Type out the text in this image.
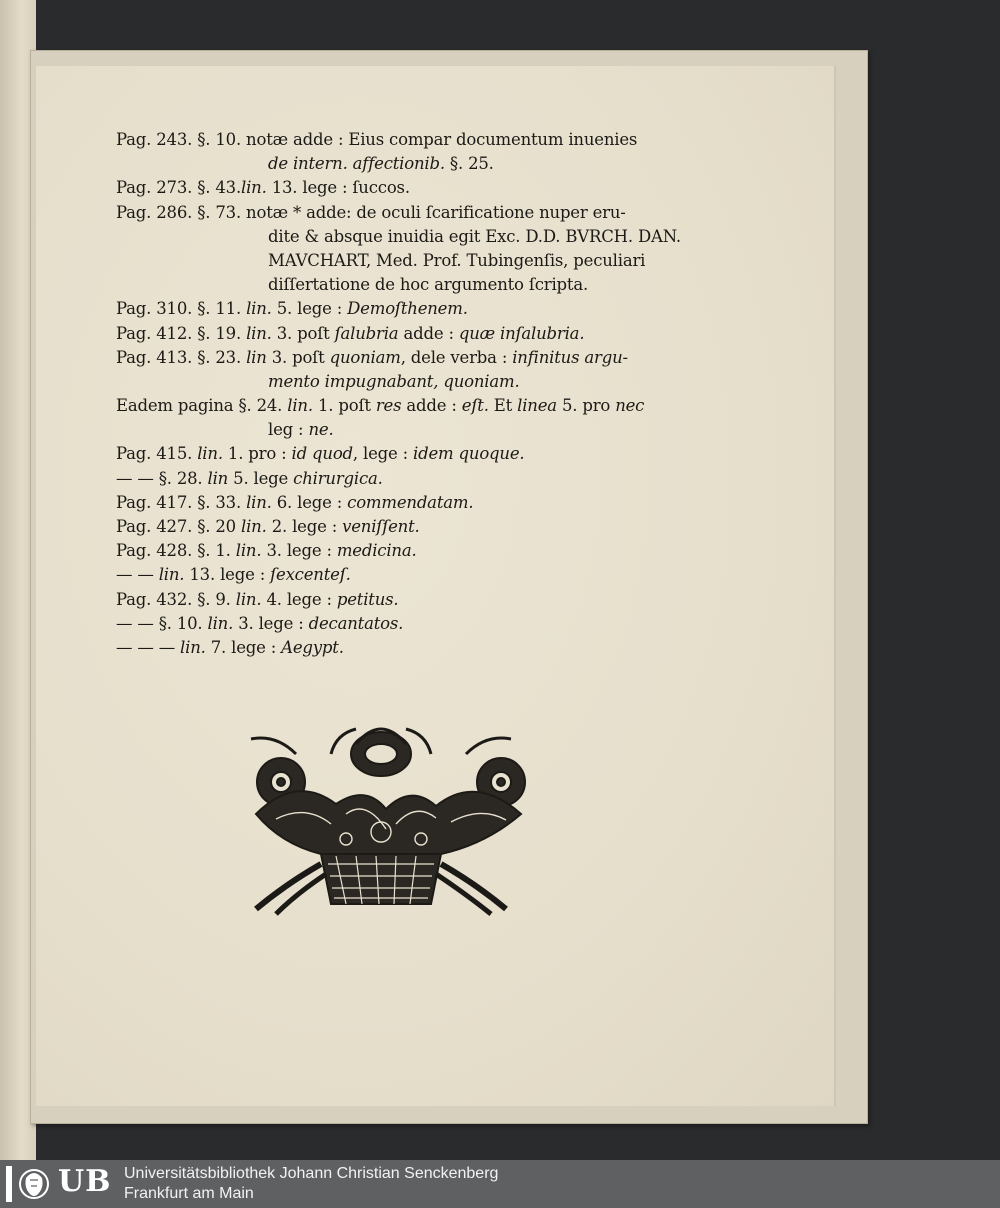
Pag. 243. §. 10. notæ adde : Eius compar documentum inuenies
de intern. affectionib. §. 25.
Pag. 273. §. 43.lin. 13. lege : ſuccos.
Pag. 286. §. 73. notæ * adde: de oculi ſcarificatione nuper eru-
dite & absque inuidia egit Exc. D.D. BVRCH. DAN.
MAVCHART, Med. Prof. Tubingenſis, peculiari
diſſertatione de hoc argumento ſcripta.
Pag. 310. §. 11. lin. 5. lege : Demoſthenem.
Pag. 412. §. 19. lin. 3. poſt ſalubria adde : quæ inſalubria.
Pag. 413. §. 23. lin 3. poſt quoniam, dele verba : infinitus argu-
mento impugnabant, quoniam.
Eadem pagina §. 24. lin. 1. poſt res adde : eſt. Et linea 5. pro nec
leg : ne.
Pag. 415. lin. 1. pro : id quod, lege : idem quoque.
— — §. 28. lin 5. lege chirurgica.
Pag. 417. §. 33. lin. 6. lege : commendatam.
Pag. 427. §. 20 lin. 2. lege : veniſſent.
Pag. 428. §. 1. lin. 3. lege : medicina.
— — lin. 13. lege : ſexcenteſ.
Pag. 432. §. 9. lin. 4. lege : petitus.
— — §. 10. lin. 3. lege : decantatos.
— — — lin. 7. lege : Aegypt.
UB Universitätsbibliothek Johann Christian Senckenberg
Frankfurt am Main
